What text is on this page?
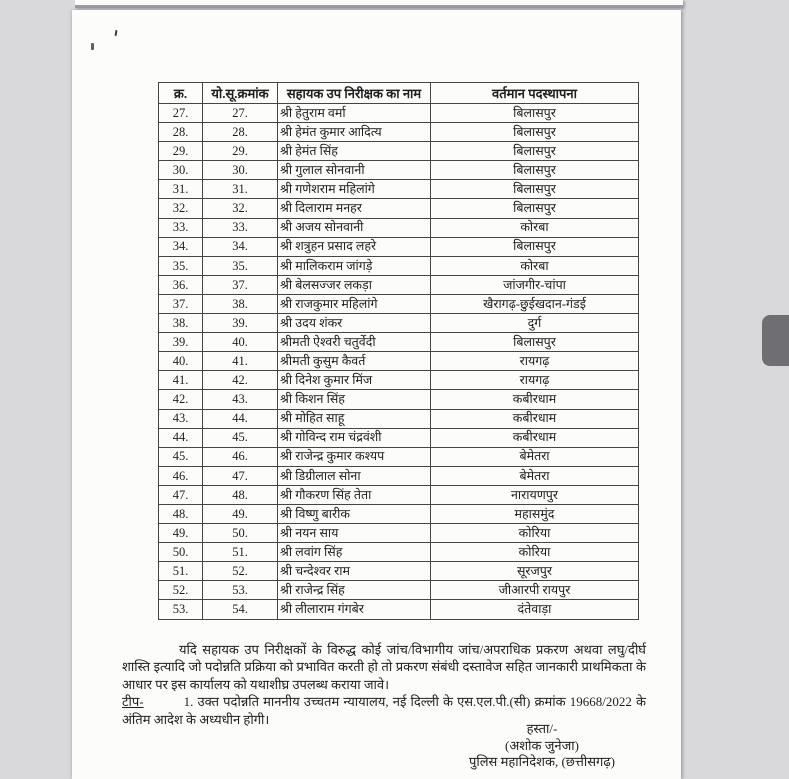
क्र.	यो.सू.क्रमांक	सहायक उप निरीक्षक का नाम	वर्तमान पदस्थापना
27.	27.	श्री हेतुराम वर्मा	बिलासपुर
28.	28.	श्री हेमंत कुमार आदित्य	बिलासपुर
29.	29.	श्री हेमंत सिंह	बिलासपुर
30.	30.	श्री गुलाल सोनवानी	बिलासपुर
31.	31.	श्री गणेशराम महिलांगे	बिलासपुर
32.	32.	श्री दिलाराम मनहर	बिलासपुर
33.	33.	श्री अजय सोनवानी	कोरबा
34.	34.	श्री शत्रुहन प्रसाद लहरे	बिलासपुर
35.	35.	श्री मालिकराम जांगड़े	कोरबा
36.	37.	श्री बेलसज्जर लकड़ा	जांजगीर-चांपा
37.	38.	श्री राजकुमार महिलांगे	खैरागढ़-छुईखदान-गंडई
38.	39.	श्री उदय शंकर	दुर्ग
39.	40.	श्रीमती ऐश्वरी चतुर्वेदी	बिलासपुर
40.	41.	श्रीमती कुसुम कैवर्त	रायगढ़
41.	42.	श्री दिनेश कुमार मिंज	रायगढ़
42.	43.	श्री किशन सिंह	कबीरधाम
43.	44.	श्री मोहित साहू	कबीरधाम
44.	45.	श्री गोविन्द राम चंद्रवंशी	कबीरधाम
45.	46.	श्री राजेन्द्र कुमार कश्यप	बेमेतरा
46.	47.	श्री डिग्रीलाल सोना	बेमेतरा
47.	48.	श्री गौकरण सिंह तेता	नारायणपुर
48.	49.	श्री विष्णु बारीक	महासमुंद
49.	50.	श्री नयन साय	कोरिया
50.	51.	श्री लवांग सिंह	कोरिया
51.	52.	श्री चन्देश्वर राम	सूरजपुर
52.	53.	श्री राजेन्द्र सिंह	जीआरपी रायपुर
53.	54.	श्री लीलाराम गंगबेर	दंतेवाड़ा

यदि सहायक उप निरीक्षकों के विरुद्ध कोई जांच/विभागीय जांच/अपराधिक प्रकरण अथवा लघु/दीर्घ शास्ति इत्यादि जो पदोन्नति प्रक्रिया को प्रभावित करती हो तो प्रकरण संबंधी दस्तावेज सहित जानकारी प्राथमिकता के आधार पर इस कार्यालय को यथाशीघ्र उपलब्ध कराया जावे।

टीप-	1. उक्त पदोन्नति माननीय उच्चतम न्यायालय, नई दिल्ली के एस.एल.पी.(सी) क्रमांक 19668/2022 के अंतिम आदेश के अध्यधीन होगी।

हस्ता/-
(अशोक जुनेजा)
पुलिस महानिदेशक, (छत्तीसगढ़)
